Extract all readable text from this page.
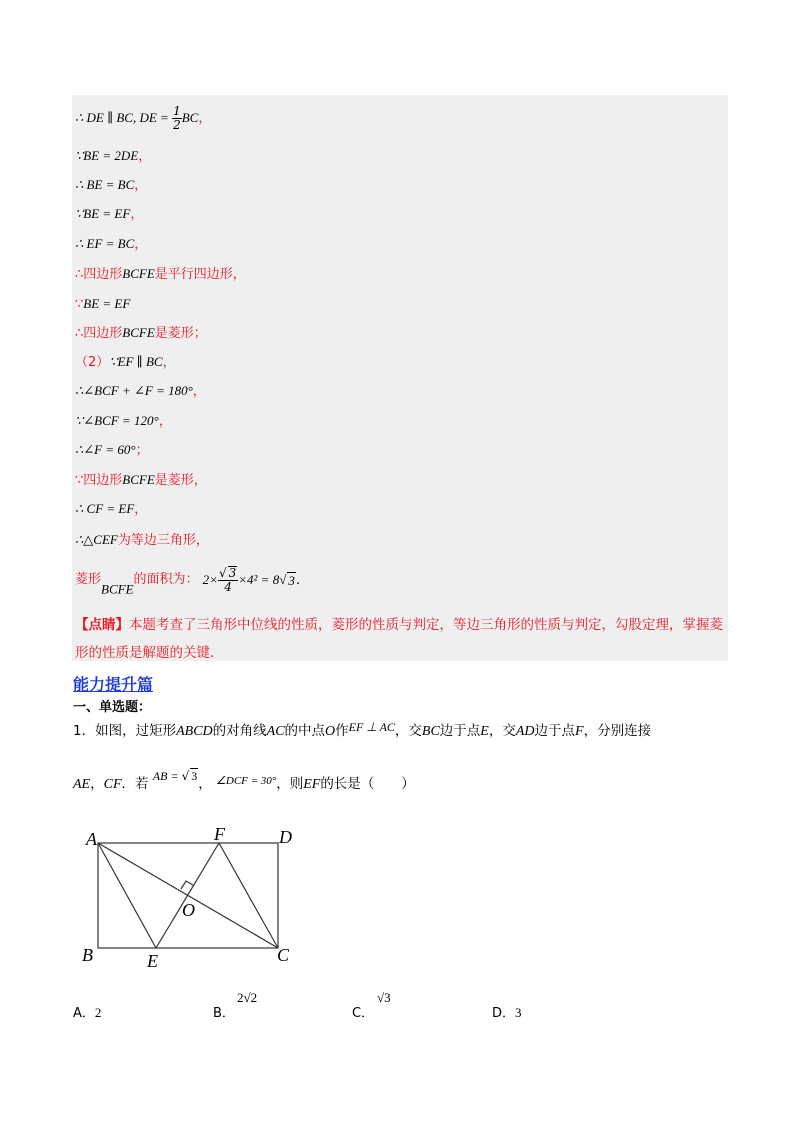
∴ DE ∥ BC, DE = $\frac{1}{2}$ BC，
∵BE = 2DE，
∴ BE = BC，
∵BE = EF，
∴ EF = BC，
∴四边形BCFE是平行四边形，
∵BE = EF
∴四边形BCFE是菱形；
（2）∵EF ∥ BC，
∴∠BCF + ∠F = 180°，
∵∠BCF = 120°，
∴∠F = 60°；
∵四边形BCFE是菱形，
∴ CF = EF，
∴△CEF为等边三角形，
菱形BCFE的面积为： $2\times \frac{√ 3}{4} \times 4^2 = 8√$ 3．
【点睛】本题考查了三角形中位线的性质，菱形的性质与判定，等边三角形的性质与判定，勾股定理，掌握菱形的性质是解题的关键．
能力提升篇
一、单选题：
1．如图，过矩形ABCD的对角线AC的中点O作EF ⊥ AC，交BC边于点E，交AD边于点F，分别连接
AE，CF．若 AB = √ 3， $^{\angle DCF = 30^\circ}$，则EF的长是（　　）
A
B	C
D
E
F
O
A．2	B．
2√2
C．
√3
D．3
